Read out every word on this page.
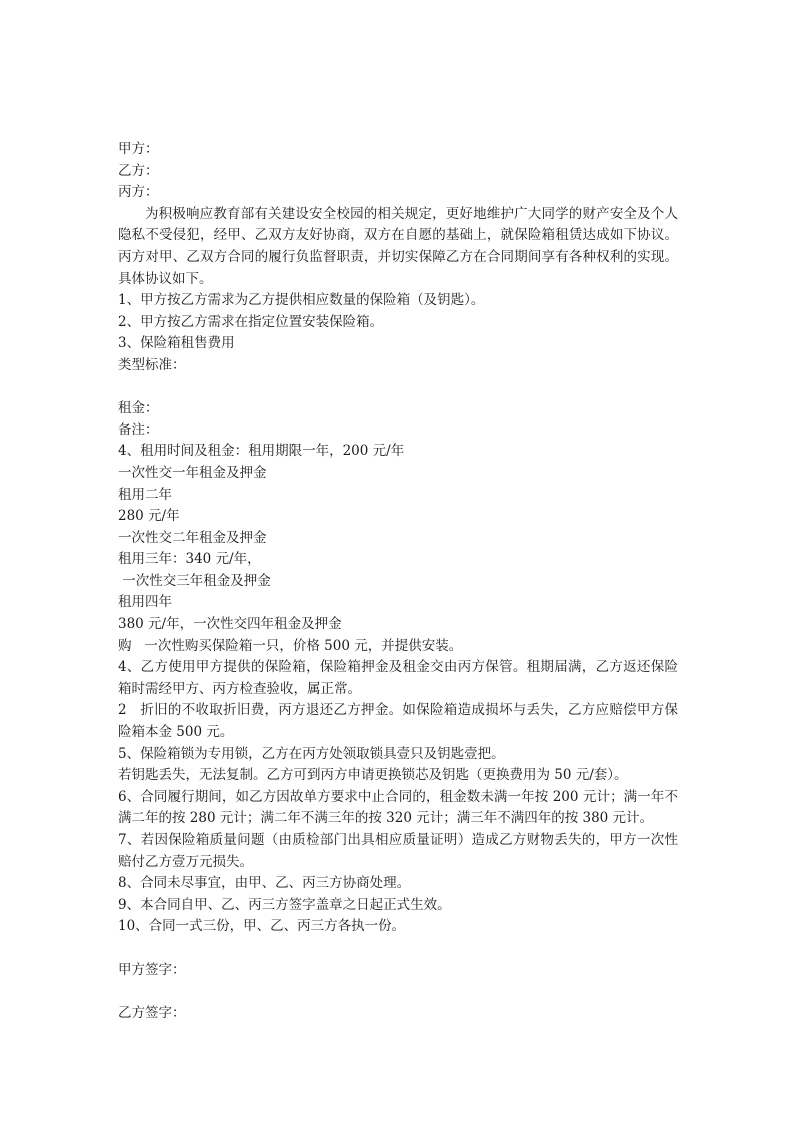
甲方：

乙方：

丙方：

为积极响应教育部有关建设安全校园的相关规定，更好地维护广大同学的财产安全及个人隐私不受侵犯，经甲、乙双方友好协商，双方在自愿的基础上，就保险箱租赁达成如下协议。丙方对甲、乙双方合同的履行负监督职责，并切实保障乙方在合同期间享有各种权利的实现。具体协议如下。

1、甲方按乙方需求为乙方提供相应数量的保险箱（及钥匙）。

2、甲方按乙方需求在指定位置安装保险箱。

3、保险箱租售费用

类型标准：

租金：

备注：

4、租用时间及租金：租用期限一年，200 元/年

一次性交一年租金及押金

租用二年

280 元/年

一次性交二年租金及押金

租用三年：340 元/年，

一次性交三年租金及押金

租用四年

380 元/年，一次性交四年租金及押金

购   一次性购买保险箱一只，价格 500 元，并提供安装。

4、乙方使用甲方提供的保险箱，保险箱押金及租金交由丙方保管。租期届满，乙方返还保险箱时需经甲方、丙方检查验收，属正常。

2   折旧的不收取折旧费，丙方退还乙方押金。如保险箱造成损坏与丢失，乙方应赔偿甲方保险箱本金 500 元。

5、保险箱锁为专用锁，乙方在丙方处领取锁具壹只及钥匙壹把。

若钥匙丢失，无法复制。乙方可到丙方申请更换锁芯及钥匙（更换费用为 50 元/套）。

6、合同履行期间，如乙方因故单方要求中止合同的，租金数未满一年按 200 元计；满一年不满二年的按 280 元计；满二年不满三年的按 320 元计；满三年不满四年的按 380 元计。

7、若因保险箱质量问题（由质检部门出具相应质量证明）造成乙方财物丢失的，甲方一次性赔付乙方壹万元损失。

8、合同未尽事宜，由甲、乙、丙三方协商处理。

9、本合同自甲、乙、丙三方签字盖章之日起正式生效。

10、合同一式三份，甲、乙、丙三方各执一份。

甲方签字：

乙方签字：
